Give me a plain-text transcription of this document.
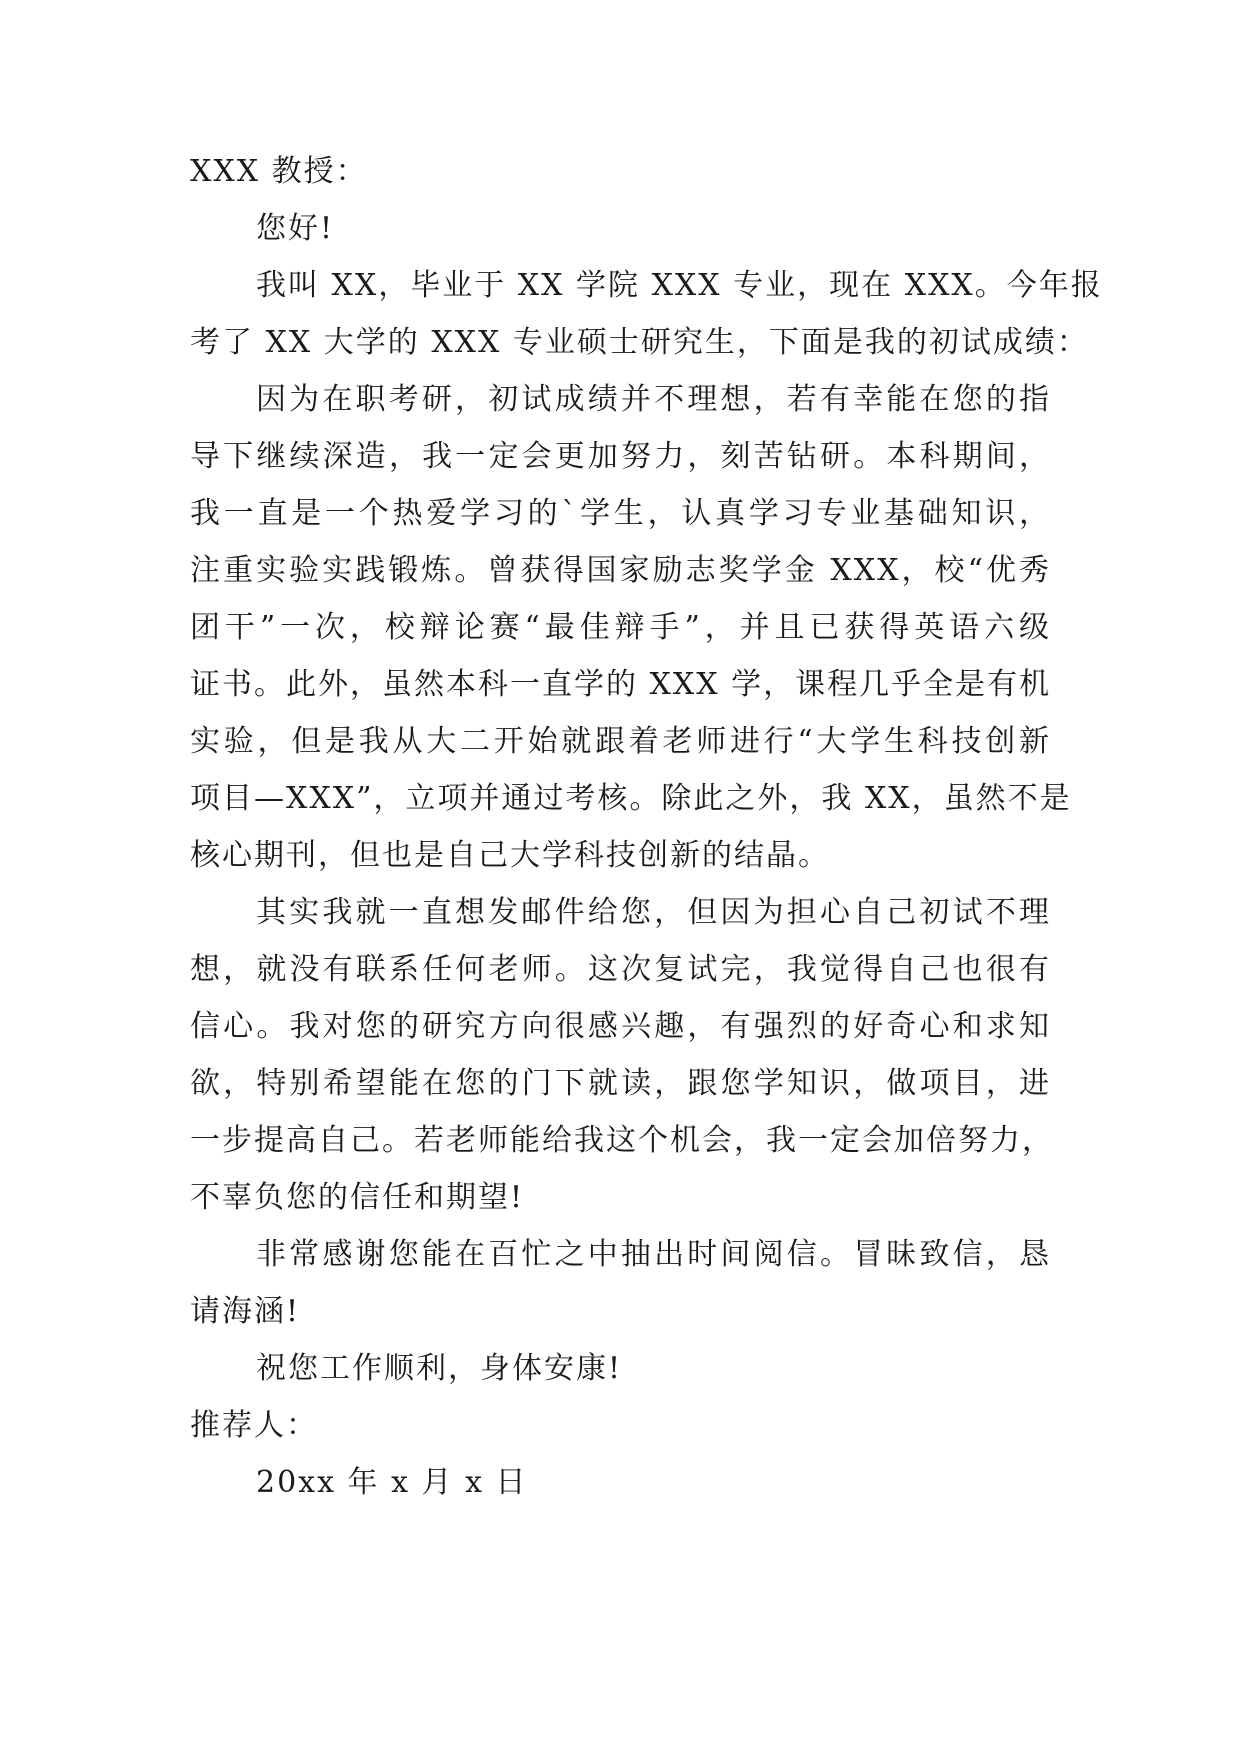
XXX 教授：
您好!
我叫 XX，毕业于 XX 学院 XXX 专业，现在 XXX。今年报
考了 XX 大学的 XXX 专业硕士研究生，下面是我的初试成绩：
因为在职考研，初试成绩并不理想，若有幸能在您的指
导下继续深造，我一定会更加努力，刻苦钻研。本科期间，
我一直是一个热爱学习的`学生，认真学习专业基础知识，
注重实验实践锻炼。曾获得国家励志奖学金 XXX，校“优秀
团干”一次，校辩论赛“最佳辩手”，并且已获得英语六级
证书。此外，虽然本科一直学的 XXX 学，课程几乎全是有机
实验，但是我从大二开始就跟着老师进行“大学生科技创新
项目—XXX”，立项并通过考核。除此之外，我 XX，虽然不是
核心期刊，但也是自己大学科技创新的结晶。
其实我就一直想发邮件给您，但因为担心自己初试不理
想，就没有联系任何老师。这次复试完，我觉得自己也很有
信心。我对您的研究方向很感兴趣，有强烈的好奇心和求知
欲，特别希望能在您的门下就读，跟您学知识，做项目，进
一步提高自己。若老师能给我这个机会，我一定会加倍努力，
不辜负您的信任和期望!
非常感谢您能在百忙之中抽出时间阅信。冒昧致信，恳
请海涵!
祝您工作顺利，身体安康!
推荐人：
20xx 年 x 月 x 日
